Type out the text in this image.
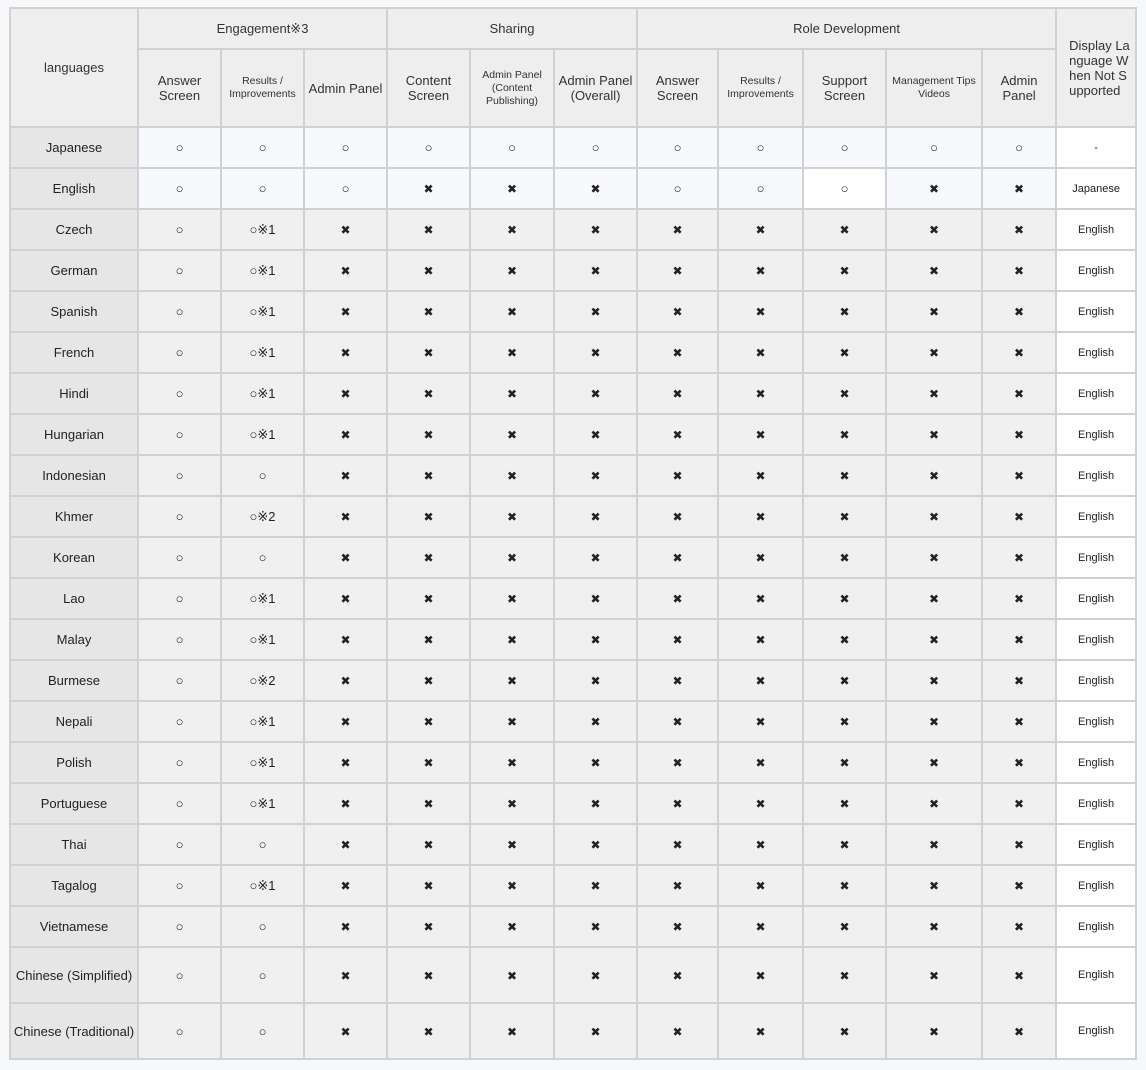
languages	Engagement※3			Sharing			Role Development					Display Language When Not Supported
	Answer Screen	Results / Improvements	Admin Panel	Content Screen	Admin Panel (Content Publishing)	Admin Panel (Overall)	Answer Screen	Results / Improvements	Support Screen	Management Tips Videos	Admin Panel	
Japanese	○	○	○	○	○	○	○	○	○	○	○	-
English	○	○	○	✖	✖	✖	○	○	○	✖	✖	Japanese
Czech	○	○※1	✖	✖	✖	✖	✖	✖	✖	✖	✖	English
German	○	○※1	✖	✖	✖	✖	✖	✖	✖	✖	✖	English
Spanish	○	○※1	✖	✖	✖	✖	✖	✖	✖	✖	✖	English
French	○	○※1	✖	✖	✖	✖	✖	✖	✖	✖	✖	English
Hindi	○	○※1	✖	✖	✖	✖	✖	✖	✖	✖	✖	English
Hungarian	○	○※1	✖	✖	✖	✖	✖	✖	✖	✖	✖	English
Indonesian	○	○	✖	✖	✖	✖	✖	✖	✖	✖	✖	English
Khmer	○	○※2	✖	✖	✖	✖	✖	✖	✖	✖	✖	English
Korean	○	○	✖	✖	✖	✖	✖	✖	✖	✖	✖	English
Lao	○	○※1	✖	✖	✖	✖	✖	✖	✖	✖	✖	English
Malay	○	○※1	✖	✖	✖	✖	✖	✖	✖	✖	✖	English
Burmese	○	○※2	✖	✖	✖	✖	✖	✖	✖	✖	✖	English
Nepali	○	○※1	✖	✖	✖	✖	✖	✖	✖	✖	✖	English
Polish	○	○※1	✖	✖	✖	✖	✖	✖	✖	✖	✖	English
Portuguese	○	○※1	✖	✖	✖	✖	✖	✖	✖	✖	✖	English
Thai	○	○	✖	✖	✖	✖	✖	✖	✖	✖	✖	English
Tagalog	○	○※1	✖	✖	✖	✖	✖	✖	✖	✖	✖	English
Vietnamese	○	○	✖	✖	✖	✖	✖	✖	✖	✖	✖	English
Chinese (Simplified)	○	○	✖	✖	✖	✖	✖	✖	✖	✖	✖	English
Chinese (Traditional)	○	○	✖	✖	✖	✖	✖	✖	✖	✖	✖	English
